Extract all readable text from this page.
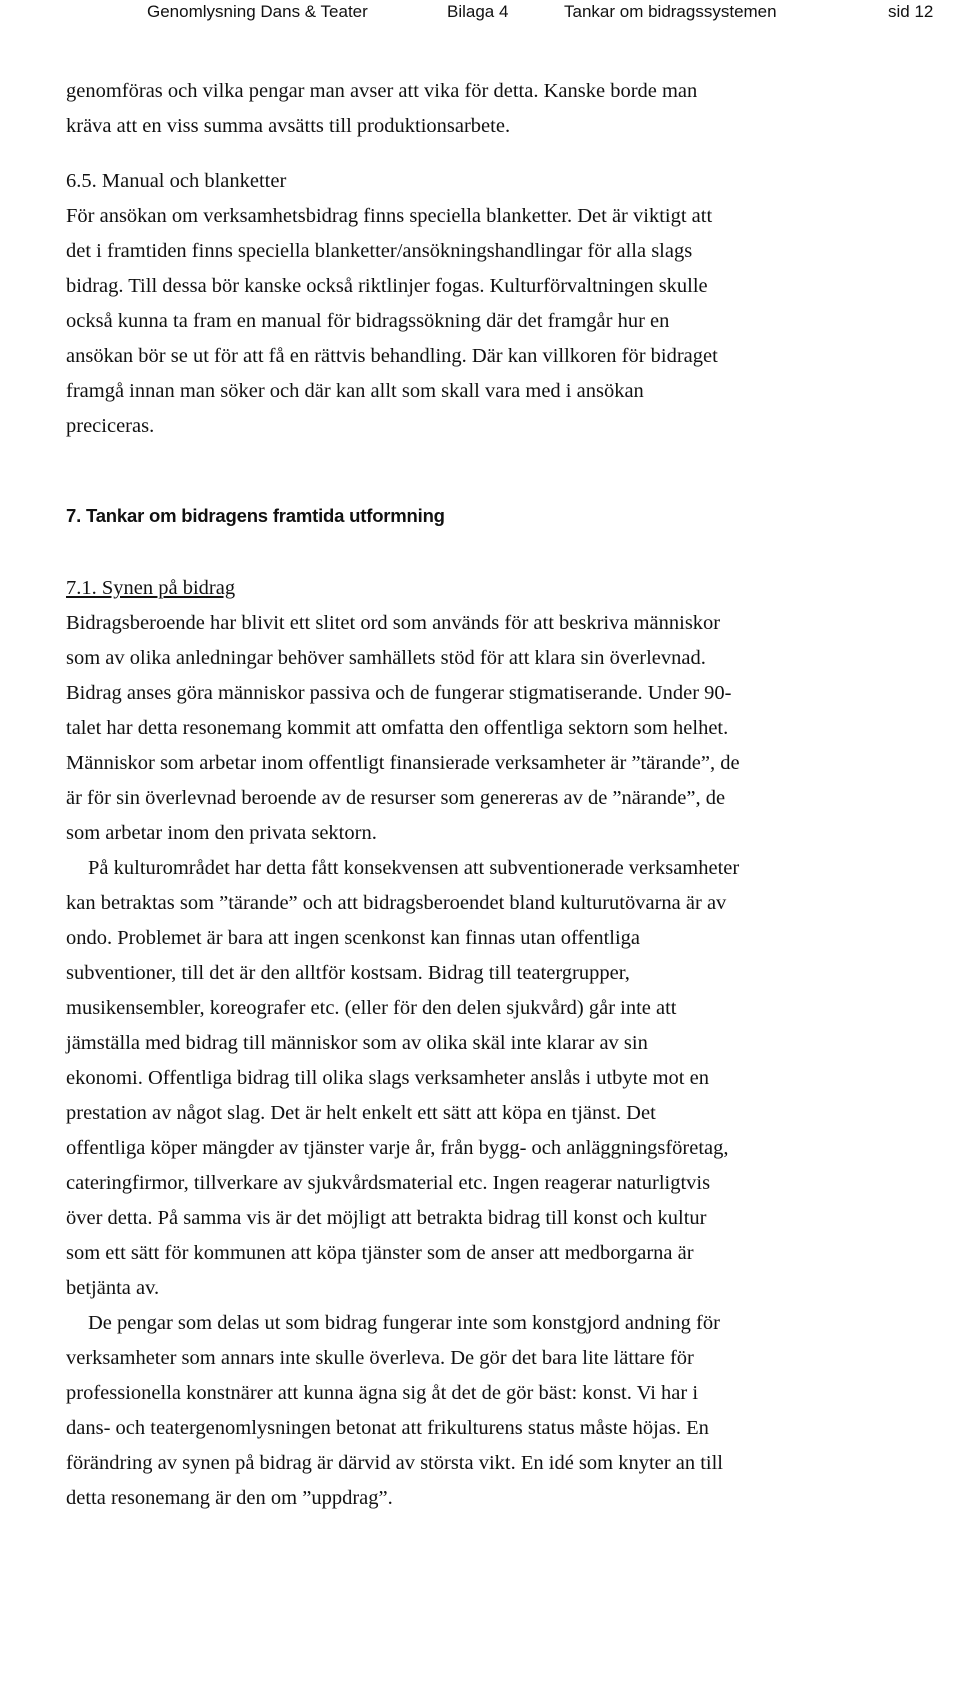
Genomlysning Dans & Teater	Bilaga 4	Tankar om bidragssystemen	sid 12
genomföras och vilka pengar man avser att vika för detta. Kanske borde man
kräva att en viss summa avsätts till produktionsarbete.
6.5. Manual och blanketter
För ansökan om verksamhetsbidrag finns speciella blanketter. Det är viktigt att
det i framtiden finns speciella blanketter/ansökningshandlingar för alla slags
bidrag. Till dessa bör kanske också riktlinjer fogas. Kulturförvaltningen skulle
också kunna ta fram en manual för bidragssökning där det framgår hur en
ansökan bör se ut för att få en rättvis behandling. Där kan villkoren för bidraget
framgå innan man söker och där kan allt som skall vara med i ansökan
preciceras.
7. Tankar om bidragens framtida utformning
7.1. Synen på bidrag
Bidragsberoende har blivit ett slitet ord som används för att beskriva människor
som av olika anledningar behöver samhällets stöd för att klara sin överlevnad.
Bidrag anses göra människor passiva och de fungerar stigmatiserande. Under 90-
talet har detta resonemang kommit att omfatta den offentliga sektorn som helhet.
Människor som arbetar inom offentligt finansierade verksamheter är ”tärande”, de
är för sin överlevnad beroende av de resurser som genereras av de ”närande”, de
som arbetar inom den privata sektorn.
På kulturområdet har detta fått konsekvensen att subventionerade verksamheter
kan betraktas som ”tärande” och att bidragsberoendet bland kulturutövarna är av
ondo. Problemet är bara att ingen scenkonst kan finnas utan offentliga
subventioner, till det är den alltför kostsam. Bidrag till teatergrupper,
musikensembler, koreografer etc. (eller för den delen sjukvård) går inte att
jämställa med bidrag till människor som av olika skäl inte klarar av sin
ekonomi. Offentliga bidrag till olika slags verksamheter anslås i utbyte mot en
prestation av något slag. Det är helt enkelt ett sätt att köpa en tjänst. Det
offentliga köper mängder av tjänster varje år, från bygg- och anläggningsföretag,
cateringfirmor, tillverkare av sjukvårdsmaterial etc. Ingen reagerar naturligtvis
över detta. På samma vis är det möjligt att betrakta bidrag till konst och kultur
som ett sätt för kommunen att köpa tjänster som de anser att medborgarna är
betjänta av.
De pengar som delas ut som bidrag fungerar inte som konstgjord andning för
verksamheter som annars inte skulle överleva. De gör det bara lite lättare för
professionella konstnärer att kunna ägna sig åt det de gör bäst: konst. Vi har i
dans- och teatergenomlysningen betonat att frikulturens status måste höjas. En
förändring av synen på bidrag är därvid av största vikt. En idé som knyter an till
detta resonemang är den om ”uppdrag”.
